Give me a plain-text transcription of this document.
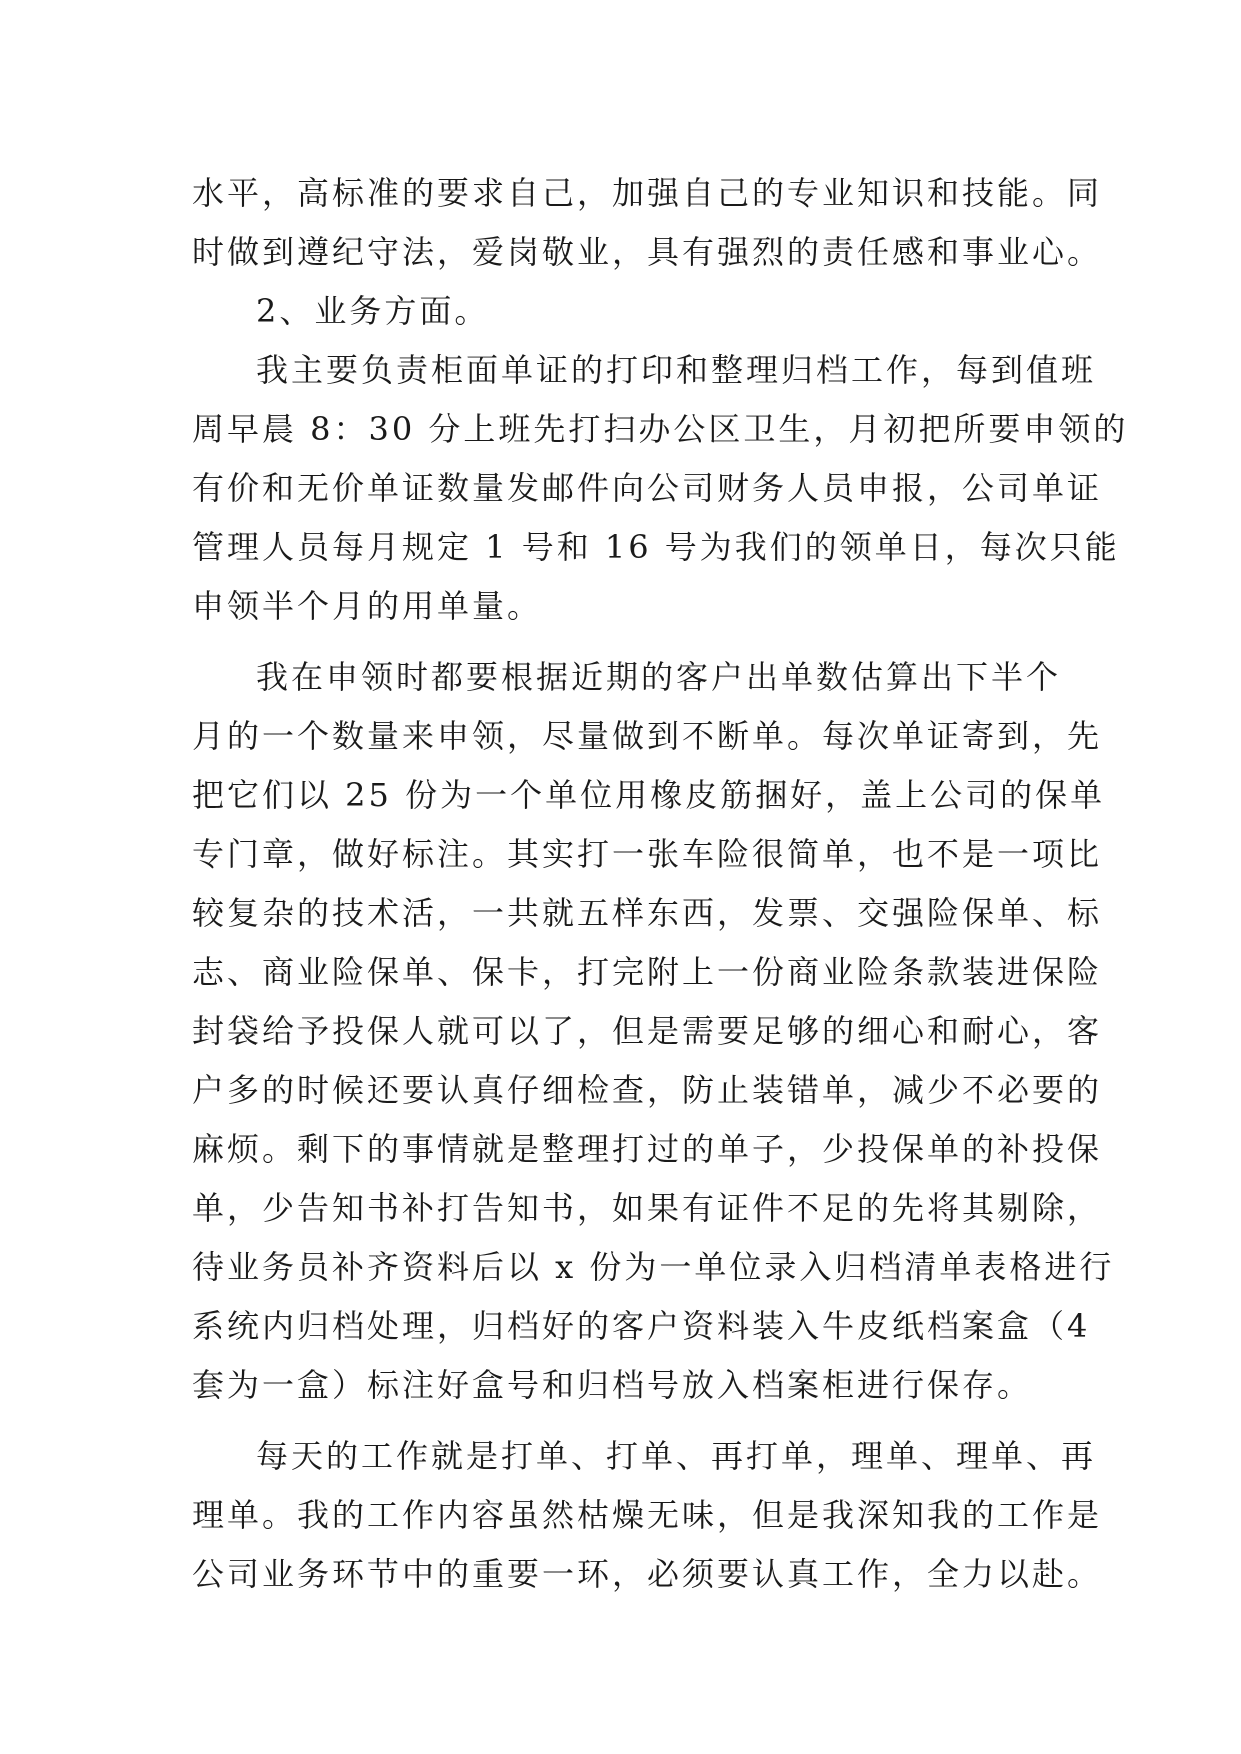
水平，高标准的要求自己，加强自己的专业知识和技能。同
时做到遵纪守法，爱岗敬业，具有强烈的责任感和事业心。
2、业务方面。
我主要负责柜面单证的打印和整理归档工作，每到值班
周早晨 8：30 分上班先打扫办公区卫生，月初把所要申领的
有价和无价单证数量发邮件向公司财务人员申报，公司单证
管理人员每月规定 1 号和 16 号为我们的领单日，每次只能
申领半个月的用单量。
我在申领时都要根据近期的客户出单数估算出下半个
月的一个数量来申领，尽量做到不断单。每次单证寄到，先
把它们以 25 份为一个单位用橡皮筋捆好，盖上公司的保单
专门章，做好标注。其实打一张车险很简单，也不是一项比
较复杂的技术活，一共就五样东西，发票、交强险保单、标
志、商业险保单、保卡，打完附上一份商业险条款装进保险
封袋给予投保人就可以了，但是需要足够的细心和耐心，客
户多的时候还要认真仔细检查，防止装错单，减少不必要的
麻烦。剩下的事情就是整理打过的单子，少投保单的补投保
单，少告知书补打告知书，如果有证件不足的先将其剔除，
待业务员补齐资料后以 x 份为一单位录入归档清单表格进行
系统内归档处理，归档好的客户资料装入牛皮纸档案盒（4
套为一盒）标注好盒号和归档号放入档案柜进行保存。
每天的工作就是打单、打单、再打单，理单、理单、再
理单。我的工作内容虽然枯燥无味，但是我深知我的工作是
公司业务环节中的重要一环，必须要认真工作，全力以赴。
